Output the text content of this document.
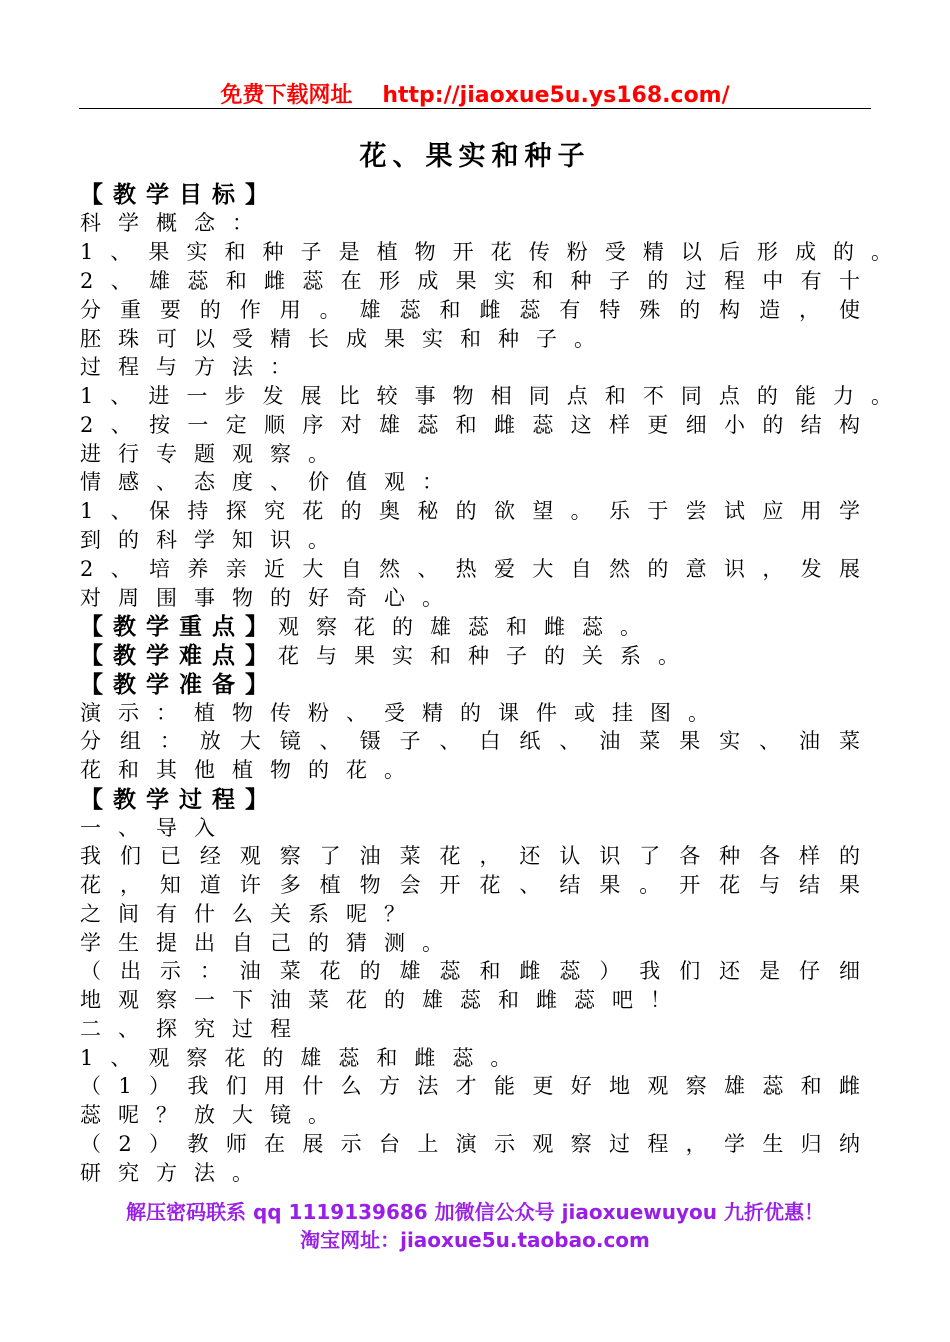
免费下载网址 http://jiaoxue5u.ys168.com/
花、果实和种子
【教学目标】
科学概念：
1、果实和种子是植物开花传粉受精以后形成的。
2、雄蕊和雌蕊在形成果实和种子的过程中有十
分重要的作用。雄蕊和雌蕊有特殊的构造，使
胚珠可以受精长成果实和种子。
过程与方法：
1、进一步发展比较事物相同点和不同点的能力。
2、按一定顺序对雄蕊和雌蕊这样更细小的结构
进行专题观察。
情感、态度、价值观：
1、保持探究花的奥秘的欲望。乐于尝试应用学
到的科学知识。
2、培养亲近大自然、热爱大自然的意识，发展
对周围事物的好奇心。
【教学重点】观察花的雄蕊和雌蕊。
【教学难点】花与果实和种子的关系。
【教学准备】
演示：植物传粉、受精的课件或挂图。
分组：放大镜、镊子、白纸、油菜果实、油菜
花和其他植物的花。
【教学过程】
一、导入
我们已经观察了油菜花，还认识了各种各样的
花，知道许多植物会开花、结果。开花与结果
之间有什么关系呢？
学生提出自己的猜测。
（出示：油菜花的雄蕊和雌蕊）我们还是仔细
地观察一下油菜花的雄蕊和雌蕊吧！
二、探究过程
1、观察花的雄蕊和雌蕊。
（1）我们用什么方法才能更好地观察雄蕊和雌
蕊呢？放大镜。
（2）教师在展示台上演示观察过程，学生归纳
研究方法。
解压密码联系 qq 1119139686 加微信公众号 jiaoxuewuyou 九折优惠！
淘宝网址：jiaoxue5u.taobao.com
